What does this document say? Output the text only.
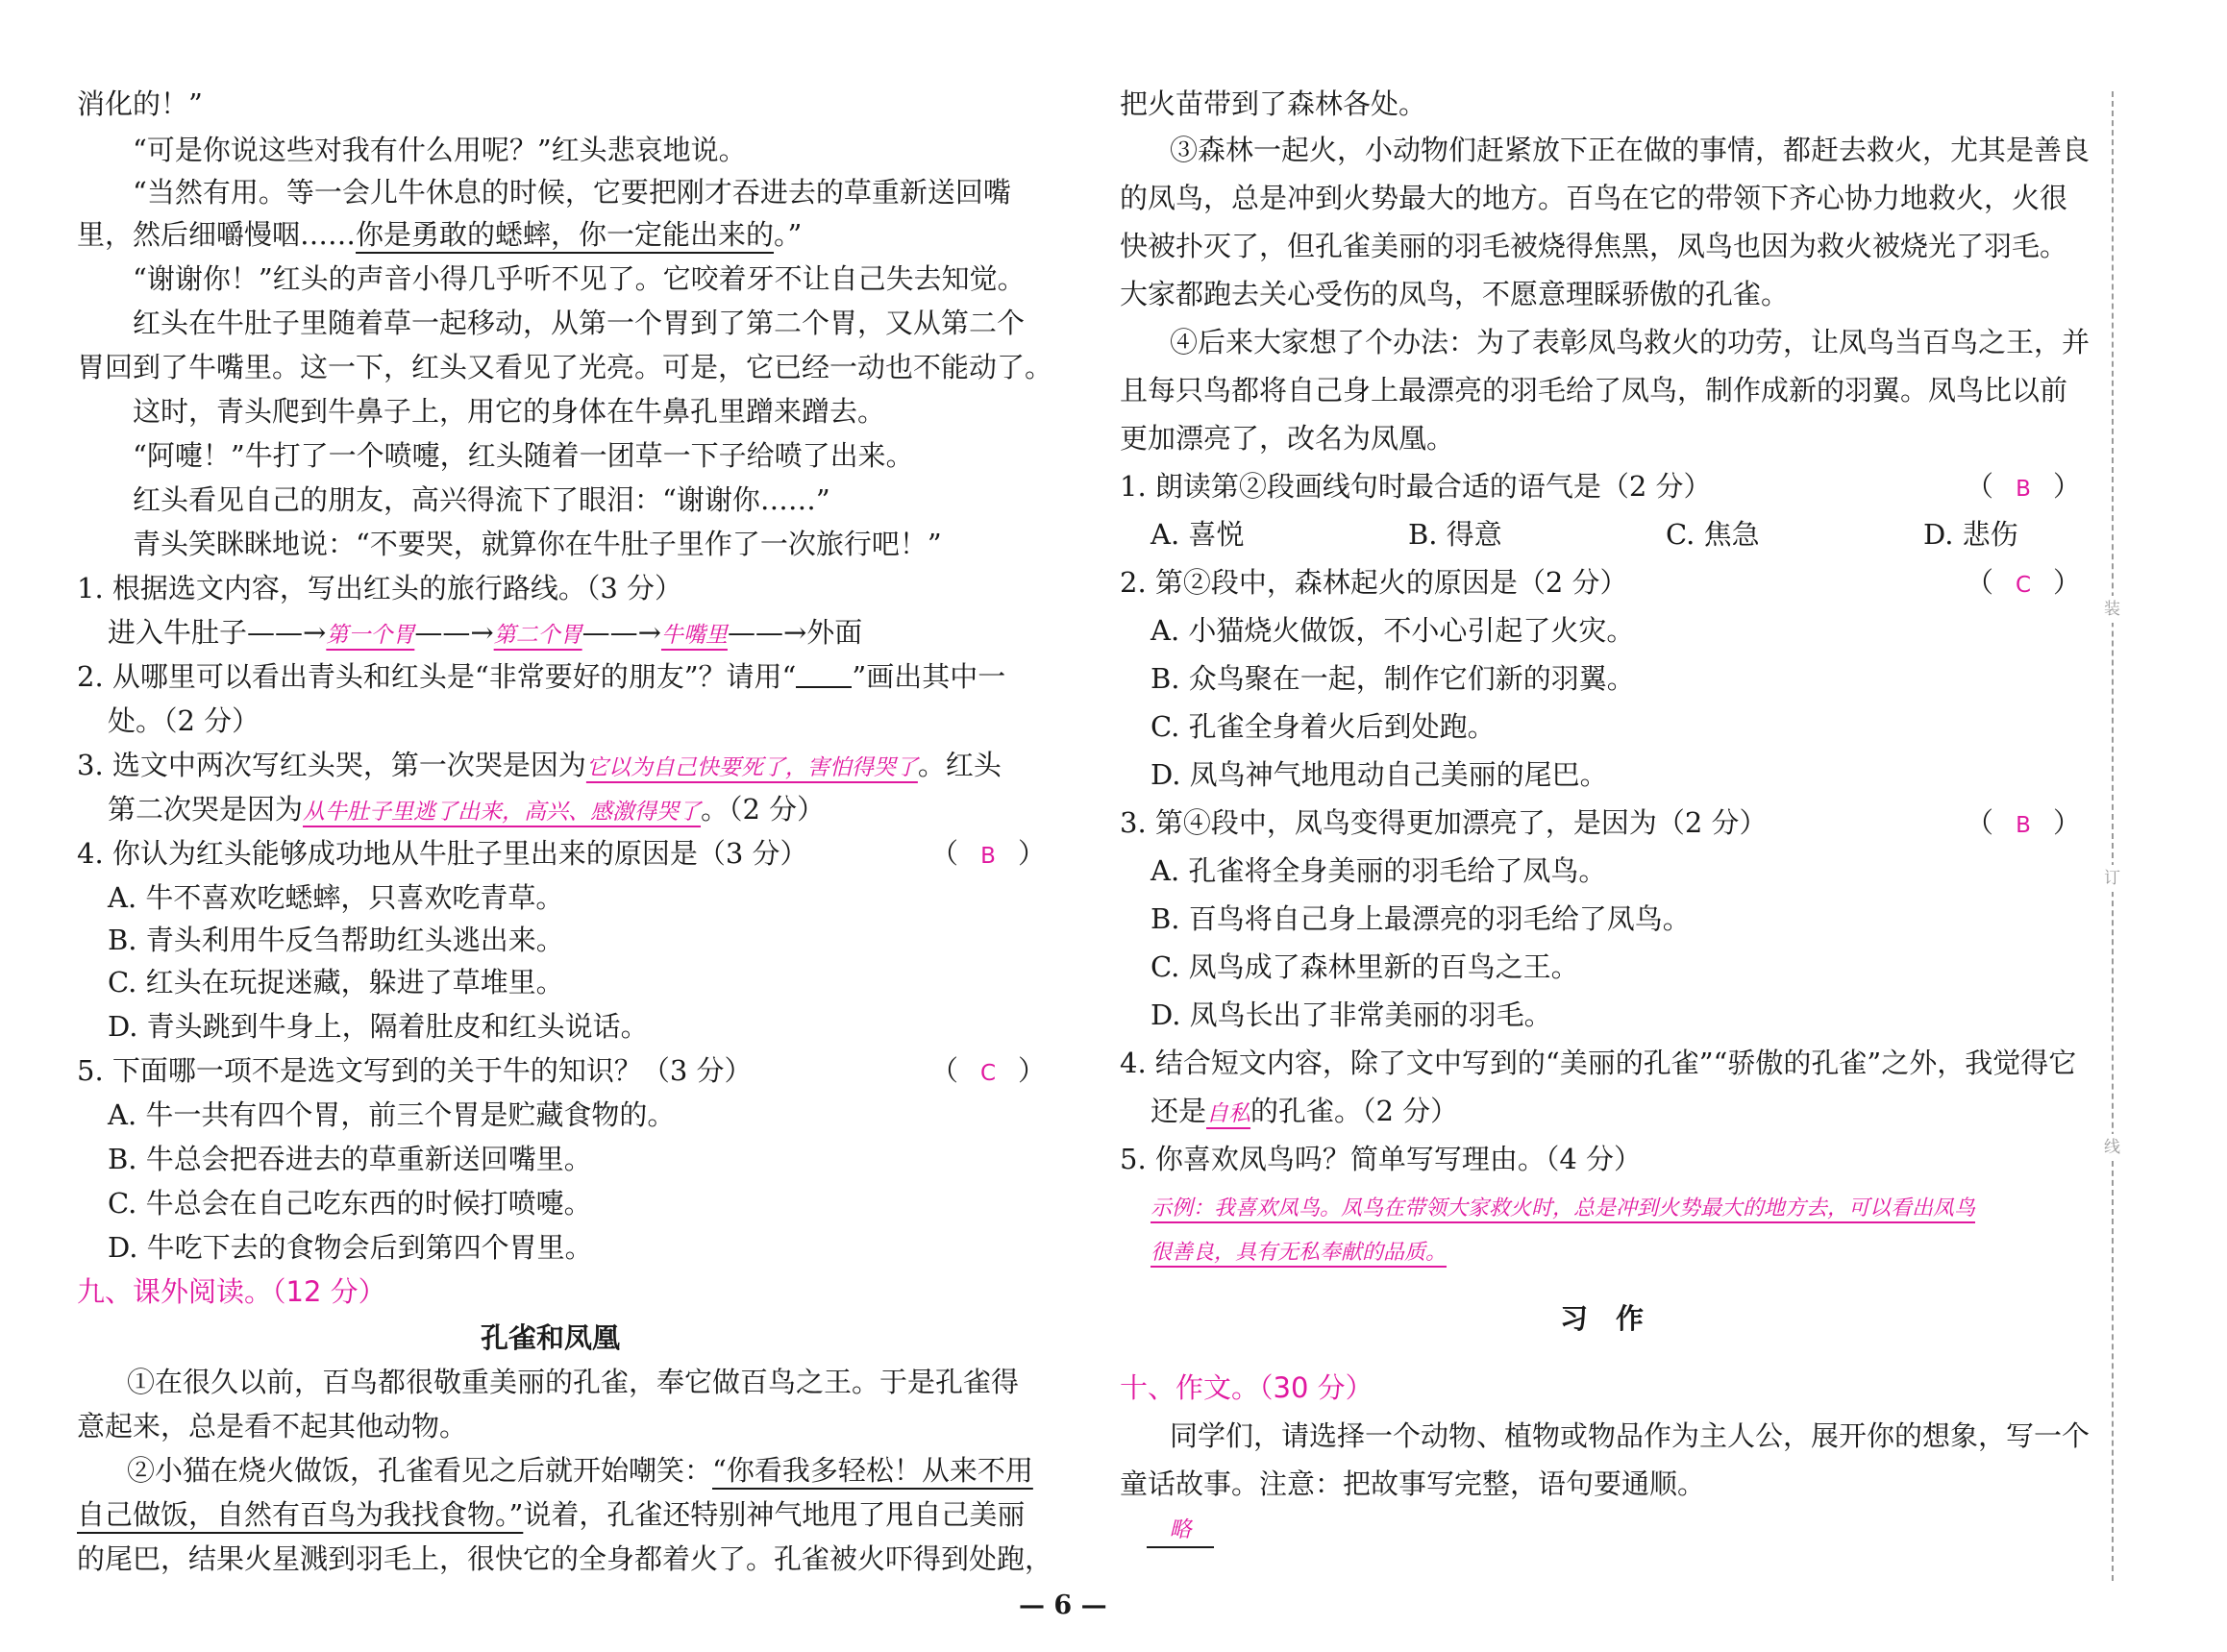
消化的！”
“可是你说这些对我有什么用呢？”红头悲哀地说。
“当然有用。等一会儿牛休息的时候，它要把刚才吞进去的草重新送回嘴
里，然后细嚼慢咽……你是勇敢的蟋蟀，你一定能出来的。”
“谢谢你！”红头的声音小得几乎听不见了。它咬着牙不让自己失去知觉。
红头在牛肚子里随着草一起移动，从第一个胃到了第二个胃，又从第二个
胃回到了牛嘴里。这一下，红头又看见了光亮。可是，它已经一动也不能动了。
这时，青头爬到牛鼻子上，用它的身体在牛鼻孔里蹭来蹭去。
“阿嚏！”牛打了一个喷嚏，红头随着一团草一下子给喷了出来。
红头看见自己的朋友，高兴得流下了眼泪：“谢谢你……”
青头笑眯眯地说：“不要哭，就算你在牛肚子里作了一次旅行吧！”
1. 根据选文内容，写出红头的旅行路线。（3 分）
进入牛肚子——→第一个胃——→第二个胃——→牛嘴里——→外面
2. 从哪里可以看出青头和红头是“非常要好的朋友”？请用“ ”画出其中一
处。（2 分）
3. 选文中两次写红头哭，第一次哭是因为它以为自己快要死了，害怕得哭了。红头
第二次哭是因为从牛肚子里逃了出来，高兴、感激得哭了。（2 分）
4. 你认为红头能够成功地从牛肚子里出来的原因是（3 分）	（ B ）
A. 牛不喜欢吃蟋蟀，只喜欢吃青草。
B. 青头利用牛反刍帮助红头逃出来。
C. 红头在玩捉迷藏，躲进了草堆里。
D. 青头跳到牛身上，隔着肚皮和红头说话。
5. 下面哪一项不是选文写到的关于牛的知识？（3 分）	（ C ）
A. 牛一共有四个胃，前三个胃是贮藏食物的。
B. 牛总会把吞进去的草重新送回嘴里。
C. 牛总会在自己吃东西的时候打喷嚏。
D. 牛吃下去的食物会后到第四个胃里。
九、课外阅读。（12 分）
孔雀和凤凰
①在很久以前，百鸟都很敬重美丽的孔雀，奉它做百鸟之王。于是孔雀得
意起来，总是看不起其他动物。
②小猫在烧火做饭，孔雀看见之后就开始嘲笑：“你看我多轻松！从来不用
自己做饭，自然有百鸟为我找食物。”说着，孔雀还特别神气地甩了甩自己美丽
的尾巴，结果火星溅到羽毛上，很快它的全身都着火了。孔雀被火吓得到处跑，
把火苗带到了森林各处。
③森林一起火，小动物们赶紧放下正在做的事情，都赶去救火，尤其是善良
的凤鸟，总是冲到火势最大的地方。百鸟在它的带领下齐心协力地救火，火很
快被扑灭了，但孔雀美丽的羽毛被烧得焦黑，凤鸟也因为救火被烧光了羽毛。
大家都跑去关心受伤的凤鸟，不愿意理睬骄傲的孔雀。
④后来大家想了个办法：为了表彰凤鸟救火的功劳，让凤鸟当百鸟之王，并
且每只鸟都将自己身上最漂亮的羽毛给了凤鸟，制作成新的羽翼。凤鸟比以前
更加漂亮了，改名为凤凰。
1. 朗读第②段画线句时最合适的语气是（2 分）	（ B ）
A. 喜悦	B. 得意	C. 焦急	D. 悲伤
2. 第②段中，森林起火的原因是（2 分）	（ C ）
A. 小猫烧火做饭，不小心引起了火灾。
B. 众鸟聚在一起，制作它们新的羽翼。
C. 孔雀全身着火后到处跑。
D. 凤鸟神气地甩动自己美丽的尾巴。
3. 第④段中，凤鸟变得更加漂亮了，是因为（2 分）	（ B ）
A. 孔雀将全身美丽的羽毛给了凤鸟。
B. 百鸟将自己身上最漂亮的羽毛给了凤鸟。
C. 凤鸟成了森林里新的百鸟之王。
D. 凤鸟长出了非常美丽的羽毛。
4. 结合短文内容，除了文中写到的“美丽的孔雀”“骄傲的孔雀”之外，我觉得它
还是自私的孔雀。（2 分）
5. 你喜欢凤鸟吗？简单写写理由。（4 分）
示例：我喜欢凤鸟。凤鸟在带领大家救火时，总是冲到火势最大的地方去，可以看出凤鸟
很善良，具有无私奉献的品质。
习　作
十、作文。（30 分）
同学们，请选择一个动物、植物或物品作为主人公，展开你的想象，写一个
童话故事。注意：把故事写完整，语句要通顺。
略
— 6 —
装
订
线
